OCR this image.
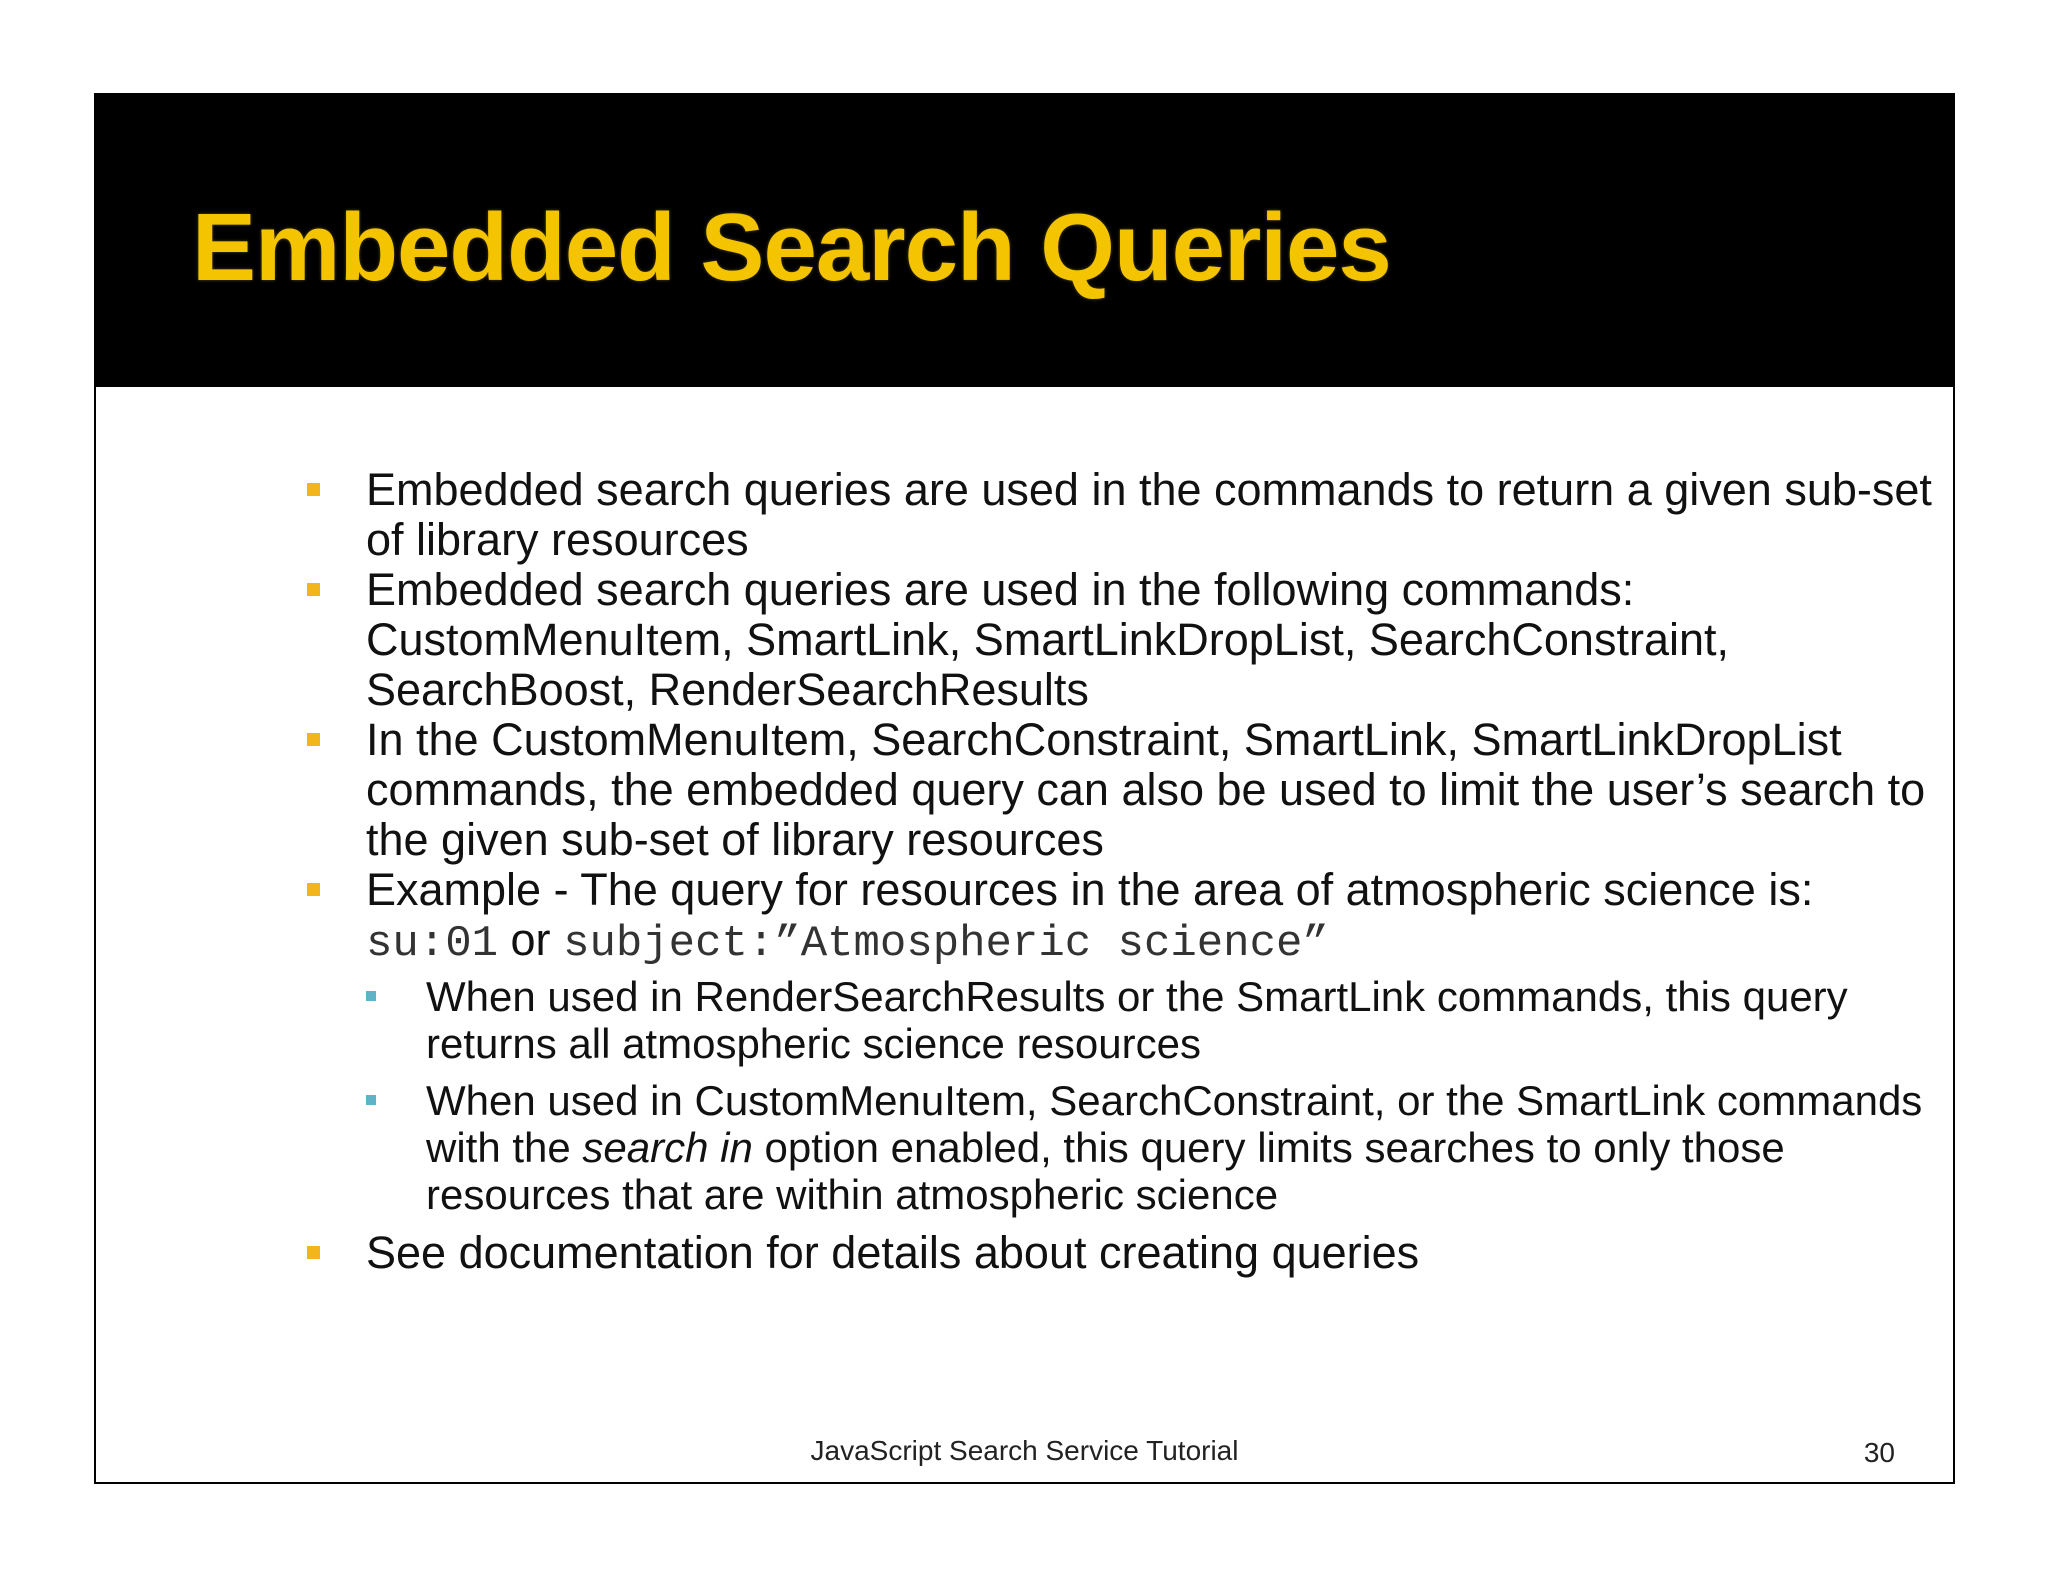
Embedded Search Queries
Embedded search queries are used in the commands to return a given sub-set of library resources
Embedded search queries are used in the following commands: CustomMenuItem, SmartLink, SmartLinkDropList, SearchConstraint, SearchBoost, RenderSearchResults
In the CustomMenuItem, SearchConstraint, SmartLink, SmartLinkDropList commands, the embedded query can also be used to limit the user’s search to the given sub-set of library resources
Example - The query for resources in the area of atmospheric science is:
su:01 or subject:”Atmospheric science”
When used in RenderSearchResults or the SmartLink commands, this query returns all atmospheric science resources
When used in CustomMenuItem, SearchConstraint, or the SmartLink commands with the search in option enabled, this query limits searches to only those resources that are within atmospheric science
See documentation for details about creating queries
JavaScript Search Service Tutorial	30
